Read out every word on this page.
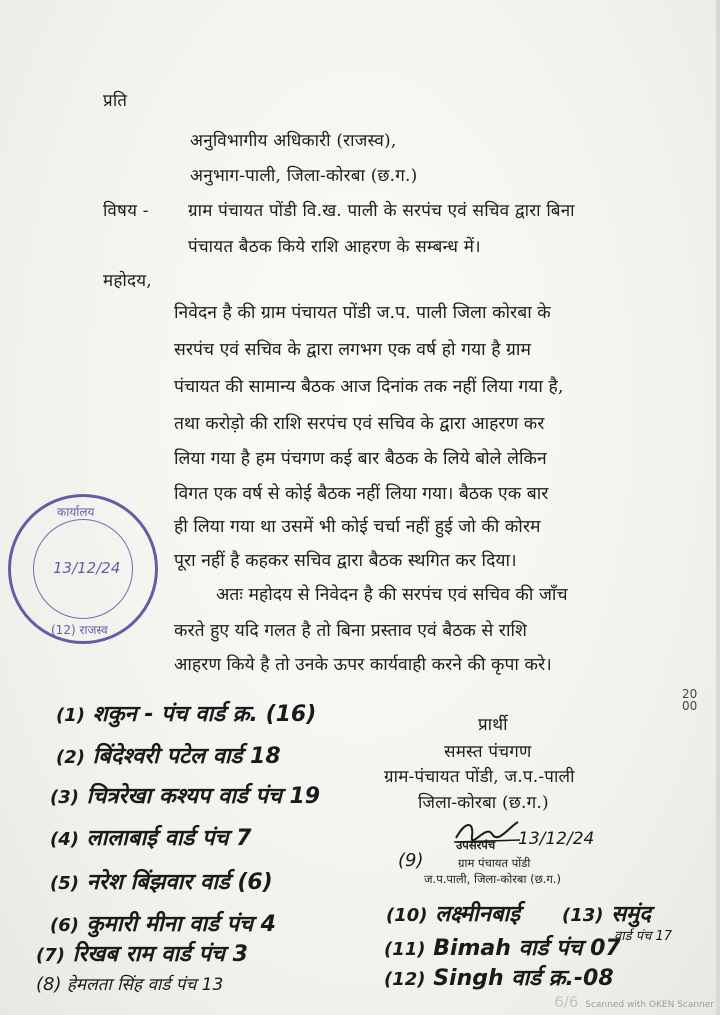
प्रति
अनुविभागीय अधिकारी (राजस्व),
अनुभाग-पाली, जिला-कोरबा (छ.ग.)
विषय - ग्राम पंचायत पोंडी वि.ख. पाली के सरपंच एवं सचिव द्वारा बिना
पंचायत बैठक किये राशि आहरण के सम्बन्ध में।
महोदय,
निवेदन है की ग्राम पंचायत पोंडी ज.प. पाली जिला कोरबा के
सरपंच एवं सचिव के द्वारा लगभग एक वर्ष हो गया है ग्राम
पंचायत की सामान्य बैठक आज दिनांक तक नहीं लिया गया है,
तथा करोड़ो की राशि सरपंच एवं सचिव के द्वारा आहरण कर
लिया गया है हम पंचगण कई बार बैठक के लिये बोले लेकिन
विगत एक वर्ष से कोई बैठक नहीं लिया गया। बैठक एक बार
ही लिया गया था उसमें भी कोई चर्चा नहीं हुई जो की कोरम
पूरा नहीं है कहकर सचिव द्वारा बैठक स्थगित कर दिया।
अतः महोदय से निवेदन है की सरपंच एवं सचिव की जाँच
करते हुए यदि गलत है तो बिना प्रस्ताव एवं बैठक से राशि
आहरण किये है तो उनके ऊपर कार्यवाही करने की कृपा करे।
कार्यालय
13/12/24
(12) राजस्व
20 00
प्रार्थी
समस्त पंचगण
ग्राम-पंचायत पोंडी, ज.प.-पाली
जिला-कोरबा (छ.ग.)
उपसरपंच 13/12/24
ग्राम पंचायत पोंडी
ज.प.पाली, जिला-कोरबा (छ.ग.)
(1) शकुन - पंच वार्ड क्र. (16)
(2) बिंदेश्वरी पटेल वार्ड 18
(3) चित्ररेखा कश्यप वार्ड पंच 19
(4) लालाबाई वार्ड पंच 7
(5) नरेश बिंझवार वार्ड (6)
(6) कुमारी मीना वार्ड पंच 4
(7) रिखब राम वार्ड पंच 3
(8) हेमलता सिंह वार्ड पंच 13
(9)
(10) लक्ष्मीनबाई
(11) Bimah वार्ड पंच 07
(12) Singh वार्ड क्र.-08
(13) समुंद
वार्ड पंच 17
6/6 Scanned with OKEN Scanner
